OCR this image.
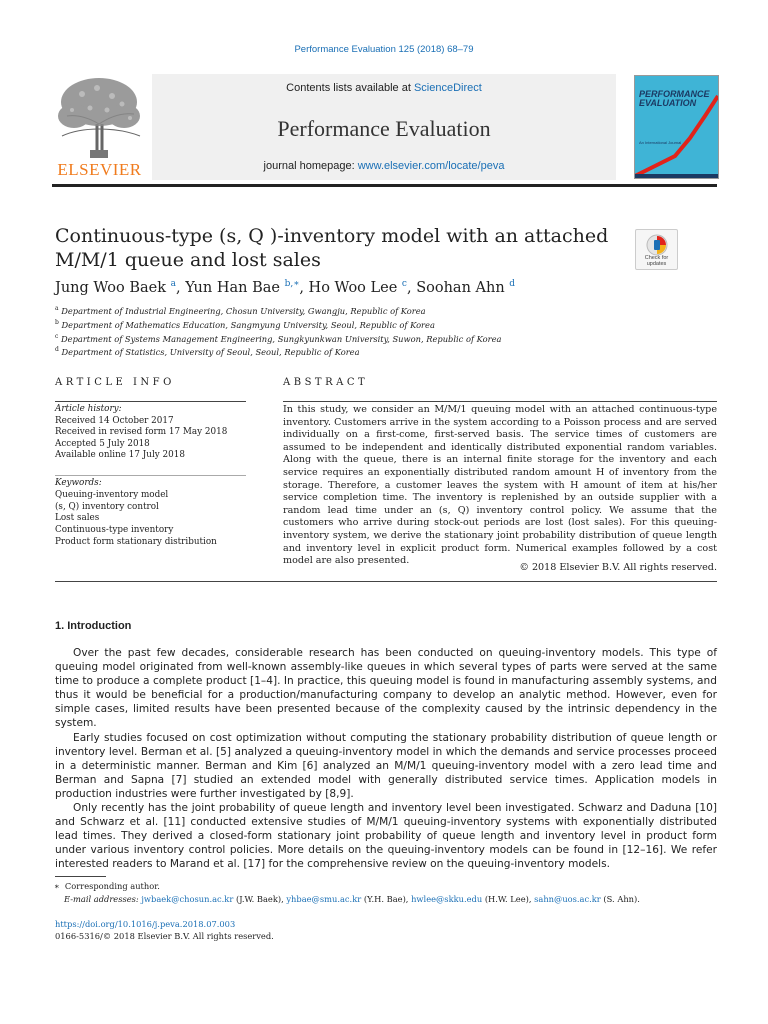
Performance Evaluation 125 (2018) 68–79
ELSEVIER
Contents lists available at ScienceDirect
Performance Evaluation
journal homepage: www.elsevier.com/locate/peva
PERFORMANCE
EVALUATION
An International Journal
Continuous-type (s, Q )-inventory model with an attached
M/M/1 queue and lost sales	Check for updates
Jung Woo Baek $^a$, Yun Han Bae $^{b,∗}$, Ho Woo Lee $^c$, Soohan Ahn $^d$
$^a$ Department of Industrial Engineering, Chosun University, Gwangju, Republic of Korea
$^b$ Department of Mathematics Education, Sangmyung University, Seoul, Republic of Korea
$^c$ Department of Systems Management Engineering, Sungkyunkwan University, Suwon, Republic of Korea
$^d$ Department of Statistics, University of Seoul, Seoul, Republic of Korea
ARTICLE INFO	ABSTRACT
Article history:
Received 14 October 2017
Received in revised form 17 May 2018
Accepted 5 July 2018
Available online 17 July 2018
Keywords:
Queuing-inventory model
(s, Q) inventory control
Lost sales
Continuous-type inventory
Product form stationary distribution
In this study, we consider an M/M/1 queuing model with an attached continuous-type inventory. Customers arrive in the system according to a Poisson process and are served individually on a first-come, first-served basis. The service times of customers are assumed to be independent and identically distributed exponential random variables. Along with the queue, there is an internal finite storage for the inventory and each service requires an exponentially distributed random amount H of inventory from the storage. Therefore, a customer leaves the system with H amount of item at his/her service completion time. The inventory is replenished by an outside supplier with a random lead time under an (s, Q) inventory control policy. We assume that the customers who arrive during stock-out periods are lost (lost sales). For this queuing-inventory system, we derive the stationary joint probability distribution of queue length and inventory level in explicit product form. Numerical examples followed by a cost model are also presented.
© 2018 Elsevier B.V. All rights reserved.
1. Introduction

Over the past few decades, considerable research has been conducted on queuing-inventory models. This type of queuing model originated from well-known assembly-like queues in which several types of parts were served at the same time to produce a complete product [1–4]. In practice, this queuing model is found in manufacturing assembly systems, and thus it would be beneficial for a production/manufacturing company to develop an analytic method. However, even for simple cases, limited results have been presented because of the complexity caused by the intrinsic dependency in the system.

Early studies focused on cost optimization without computing the stationary probability distribution of queue length or inventory level. Berman et al. [5] analyzed a queuing-inventory model in which the demands and service processes proceed in a deterministic manner. Berman and Kim [6] analyzed an M/M/1 queuing-inventory model with a zero lead time and Berman and Sapna [7] studied an extended model with generally distributed service times. Application models in production industries were further investigated by [8,9].

Only recently has the joint probability of queue length and inventory level been investigated. Schwarz and Daduna [10] and Schwarz et al. [11] conducted extensive studies of M/M/1 queuing-inventory systems with exponentially distributed lead times. They derived a closed-form stationary joint probability of queue length and inventory level in product form under various inventory control policies. More details on the queuing-inventory models can be found in [12–16]. We refer interested readers to Marand et al. [17] for the comprehensive review on the queuing-inventory models.

∗ Corresponding author.
E-mail addresses: jwbaek@chosun.ac.kr (J.W. Baek), yhbae@smu.ac.kr (Y.H. Bae), hwlee@skku.edu (H.W. Lee), sahn@uos.ac.kr (S. Ahn).
https://doi.org/10.1016/j.peva.2018.07.003
0166-5316/© 2018 Elsevier B.V. All rights reserved.
